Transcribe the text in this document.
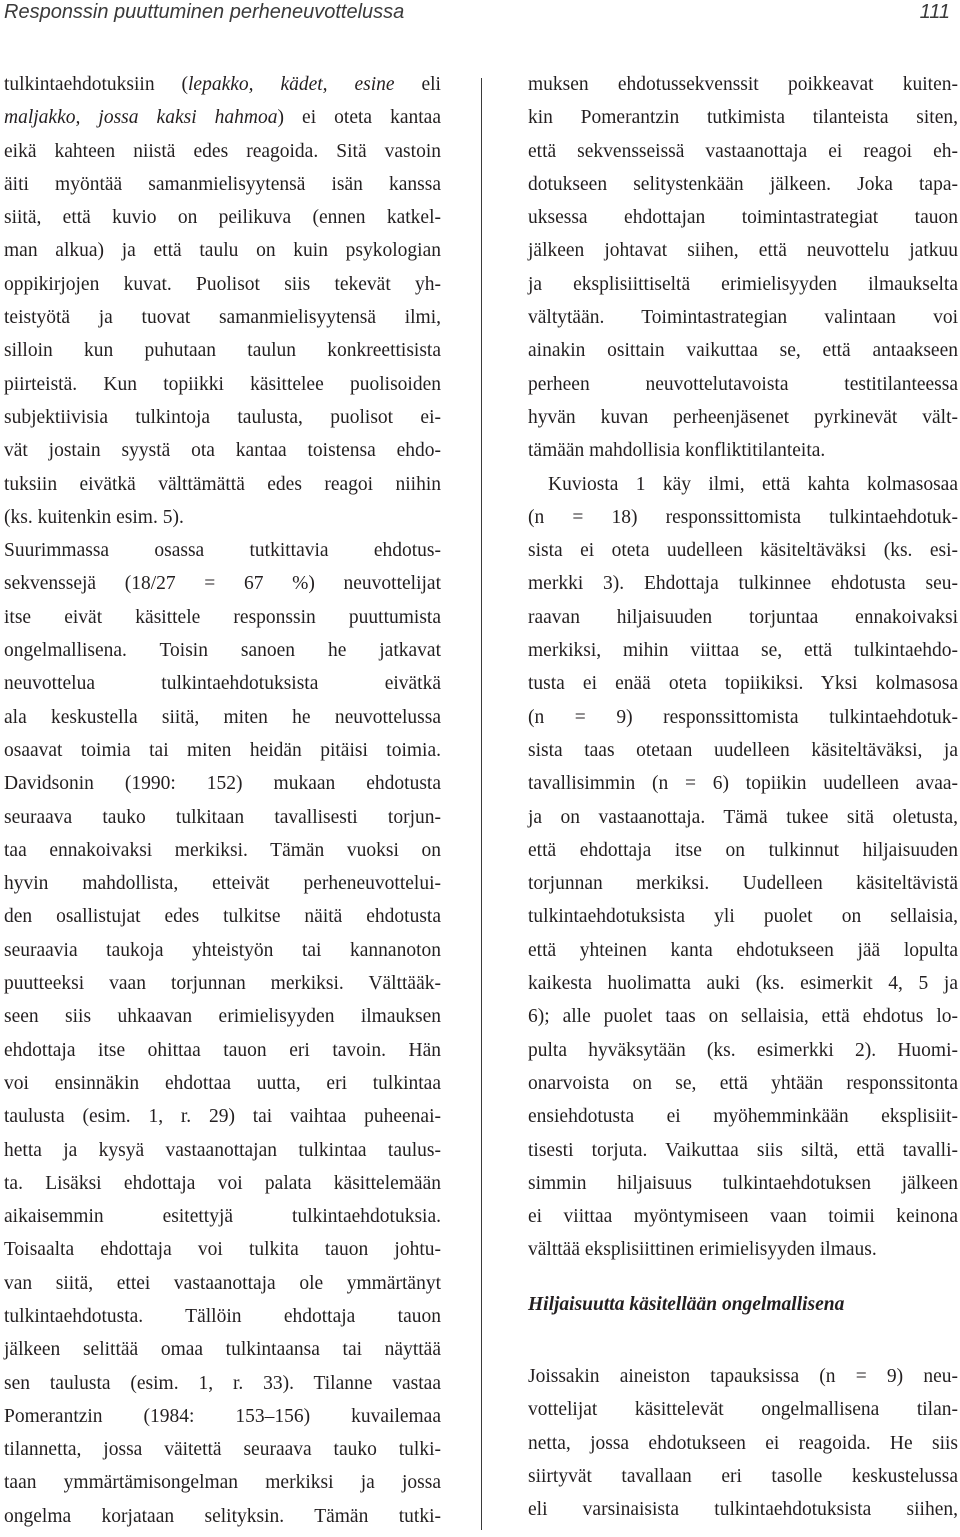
Responssin puuttuminen perheneuvottelussa	111
tulkintaehdotuksiin (lepakko, kädet, esine eli
maljakko, jossa kaksi hahmoa) ei oteta kantaa
eikä kahteen niistä edes reagoida. Sitä vastoin
äiti myöntää samanmielisyytensä isän kanssa
siitä, että kuvio on peilikuva (ennen katkel-
man alkua) ja että taulu on kuin psykologian
oppikirjojen kuvat. Puolisot siis tekevät yh-
teistyötä ja tuovat samanmielisyytensä ilmi,
silloin kun puhutaan taulun konkreettisista
piirteistä. Kun topiikki käsittelee puolisoiden
subjektiivisia tulkintoja taulusta, puolisot ei-
vät jostain syystä ota kantaa toistensa ehdo-
tuksiin eivätkä välttämättä edes reagoi niihin
(ks. kuitenkin esim. 5).
Suurimmassa osassa tutkittavia ehdotus-
sekvenssejä (18/27 = 67 %) neuvottelijat
itse eivät käsittele responssin puuttumista
ongelmallisena. Toisin sanoen he jatkavat
neuvottelua tulkintaehdotuksista eivätkä
ala keskustella siitä, miten he neuvottelussa
osaavat toimia tai miten heidän pitäisi toimia.
Davidsonin (1990: 152) mukaan ehdotusta
seuraava tauko tulkitaan tavallisesti torjun-
taa ennakoivaksi merkiksi. Tämän vuoksi on
hyvin mahdollista, etteivät perheneuvottelui-
den osallistujat edes tulkitse näitä ehdotusta
seuraavia taukoja yhteistyön tai kannanoton
puutteeksi vaan torjunnan merkiksi. Välttääk-
seen siis uhkaavan erimielisyyden ilmauksen
ehdottaja itse ohittaa tauon eri tavoin. Hän
voi ensinnäkin ehdottaa uutta, eri tulkintaa
taulusta (esim. 1, r. 29) tai vaihtaa puheenai-
hetta ja kysyä vastaanottajan tulkintaa taulus-
ta. Lisäksi ehdottaja voi palata käsittelemään
aikaisemmin esitettyjä tulkintaehdotuksia.
Toisaalta ehdottaja voi tulkita tauon johtu-
van siitä, ettei vastaanottaja ole ymmärtänyt
tulkintaehdotusta. Tällöin ehdottaja tauon
jälkeen selittää omaa tulkintaansa tai näyttää
sen taulusta (esim. 1, r. 33). Tilanne vastaa
Pomerantzin (1984: 153–156) kuvailemaa
tilannetta, jossa väitettä seuraava tauko tulki-
taan ymmärtämisongelman merkiksi ja jossa
ongelma korjataan selityksin. Tämän tutki-
muksen ehdotussekvenssit poikkeavat kuiten-
kin Pomerantzin tutkimista tilanteista siten,
että sekvensseissä vastaanottaja ei reagoi eh-
dotukseen selitystenkään jälkeen. Joka tapa-
uksessa ehdottajan toimintastrategiat tauon
jälkeen johtavat siihen, että neuvottelu jatkuu
ja eksplisiittiseltä erimielisyyden ilmaukselta
vältytään. Toimintastrategian valintaan voi
ainakin osittain vaikuttaa se, että antaakseen
perheen neuvottelutavoista testitilanteessa
hyvän kuvan perheenjäsenet pyrkinevät vält-
tämään mahdollisia konfliktitilanteita.
Kuviosta 1 käy ilmi, että kahta kolmasosaa
(n = 18) responssittomista tulkintaehdotuk-
sista ei oteta uudelleen käsiteltäväksi (ks. esi-
merkki 3). Ehdottaja tulkinnee ehdotusta seu-
raavan hiljaisuuden torjuntaa ennakoivaksi
merkiksi, mihin viittaa se, että tulkintaehdo-
tusta ei enää oteta topiikiksi. Yksi kolmasosa
(n = 9) responssittomista tulkintaehdotuk-
sista taas otetaan uudelleen käsiteltäväksi, ja
tavallisimmin (n = 6) topiikin uudelleen avaa-
ja on vastaanottaja. Tämä tukee sitä oletusta,
että ehdottaja itse on tulkinnut hiljaisuuden
torjunnan merkiksi. Uudelleen käsiteltävistä
tulkintaehdotuksista yli puolet on sellaisia,
että yhteinen kanta ehdotukseen jää lopulta
kaikesta huolimatta auki (ks. esimerkit 4, 5 ja
6); alle puolet taas on sellaisia, että ehdotus lo-
pulta hyväksytään (ks. esimerkki 2). Huomi-
onarvoista on se, että yhtään responssitonta
ensiehdotusta ei myöhemminkään eksplisiit-
tisesti torjuta. Vaikuttaa siis siltä, että tavalli-
simmin hiljaisuus tulkintaehdotuksen jälkeen
ei viittaa myöntymiseen vaan toimii keinona
välttää eksplisiittinen erimielisyyden ilmaus.
Hiljaisuutta käsitellään ongelmallisena
Joissakin aineiston tapauksissa (n = 9) neu-
vottelijat käsittelevät ongelmallisena tilan-
netta, jossa ehdotukseen ei reagoida. He siis
siirtyvät tavallaan eri tasolle keskustelussa
eli varsinaisista tulkintaehdotuksista siihen,
